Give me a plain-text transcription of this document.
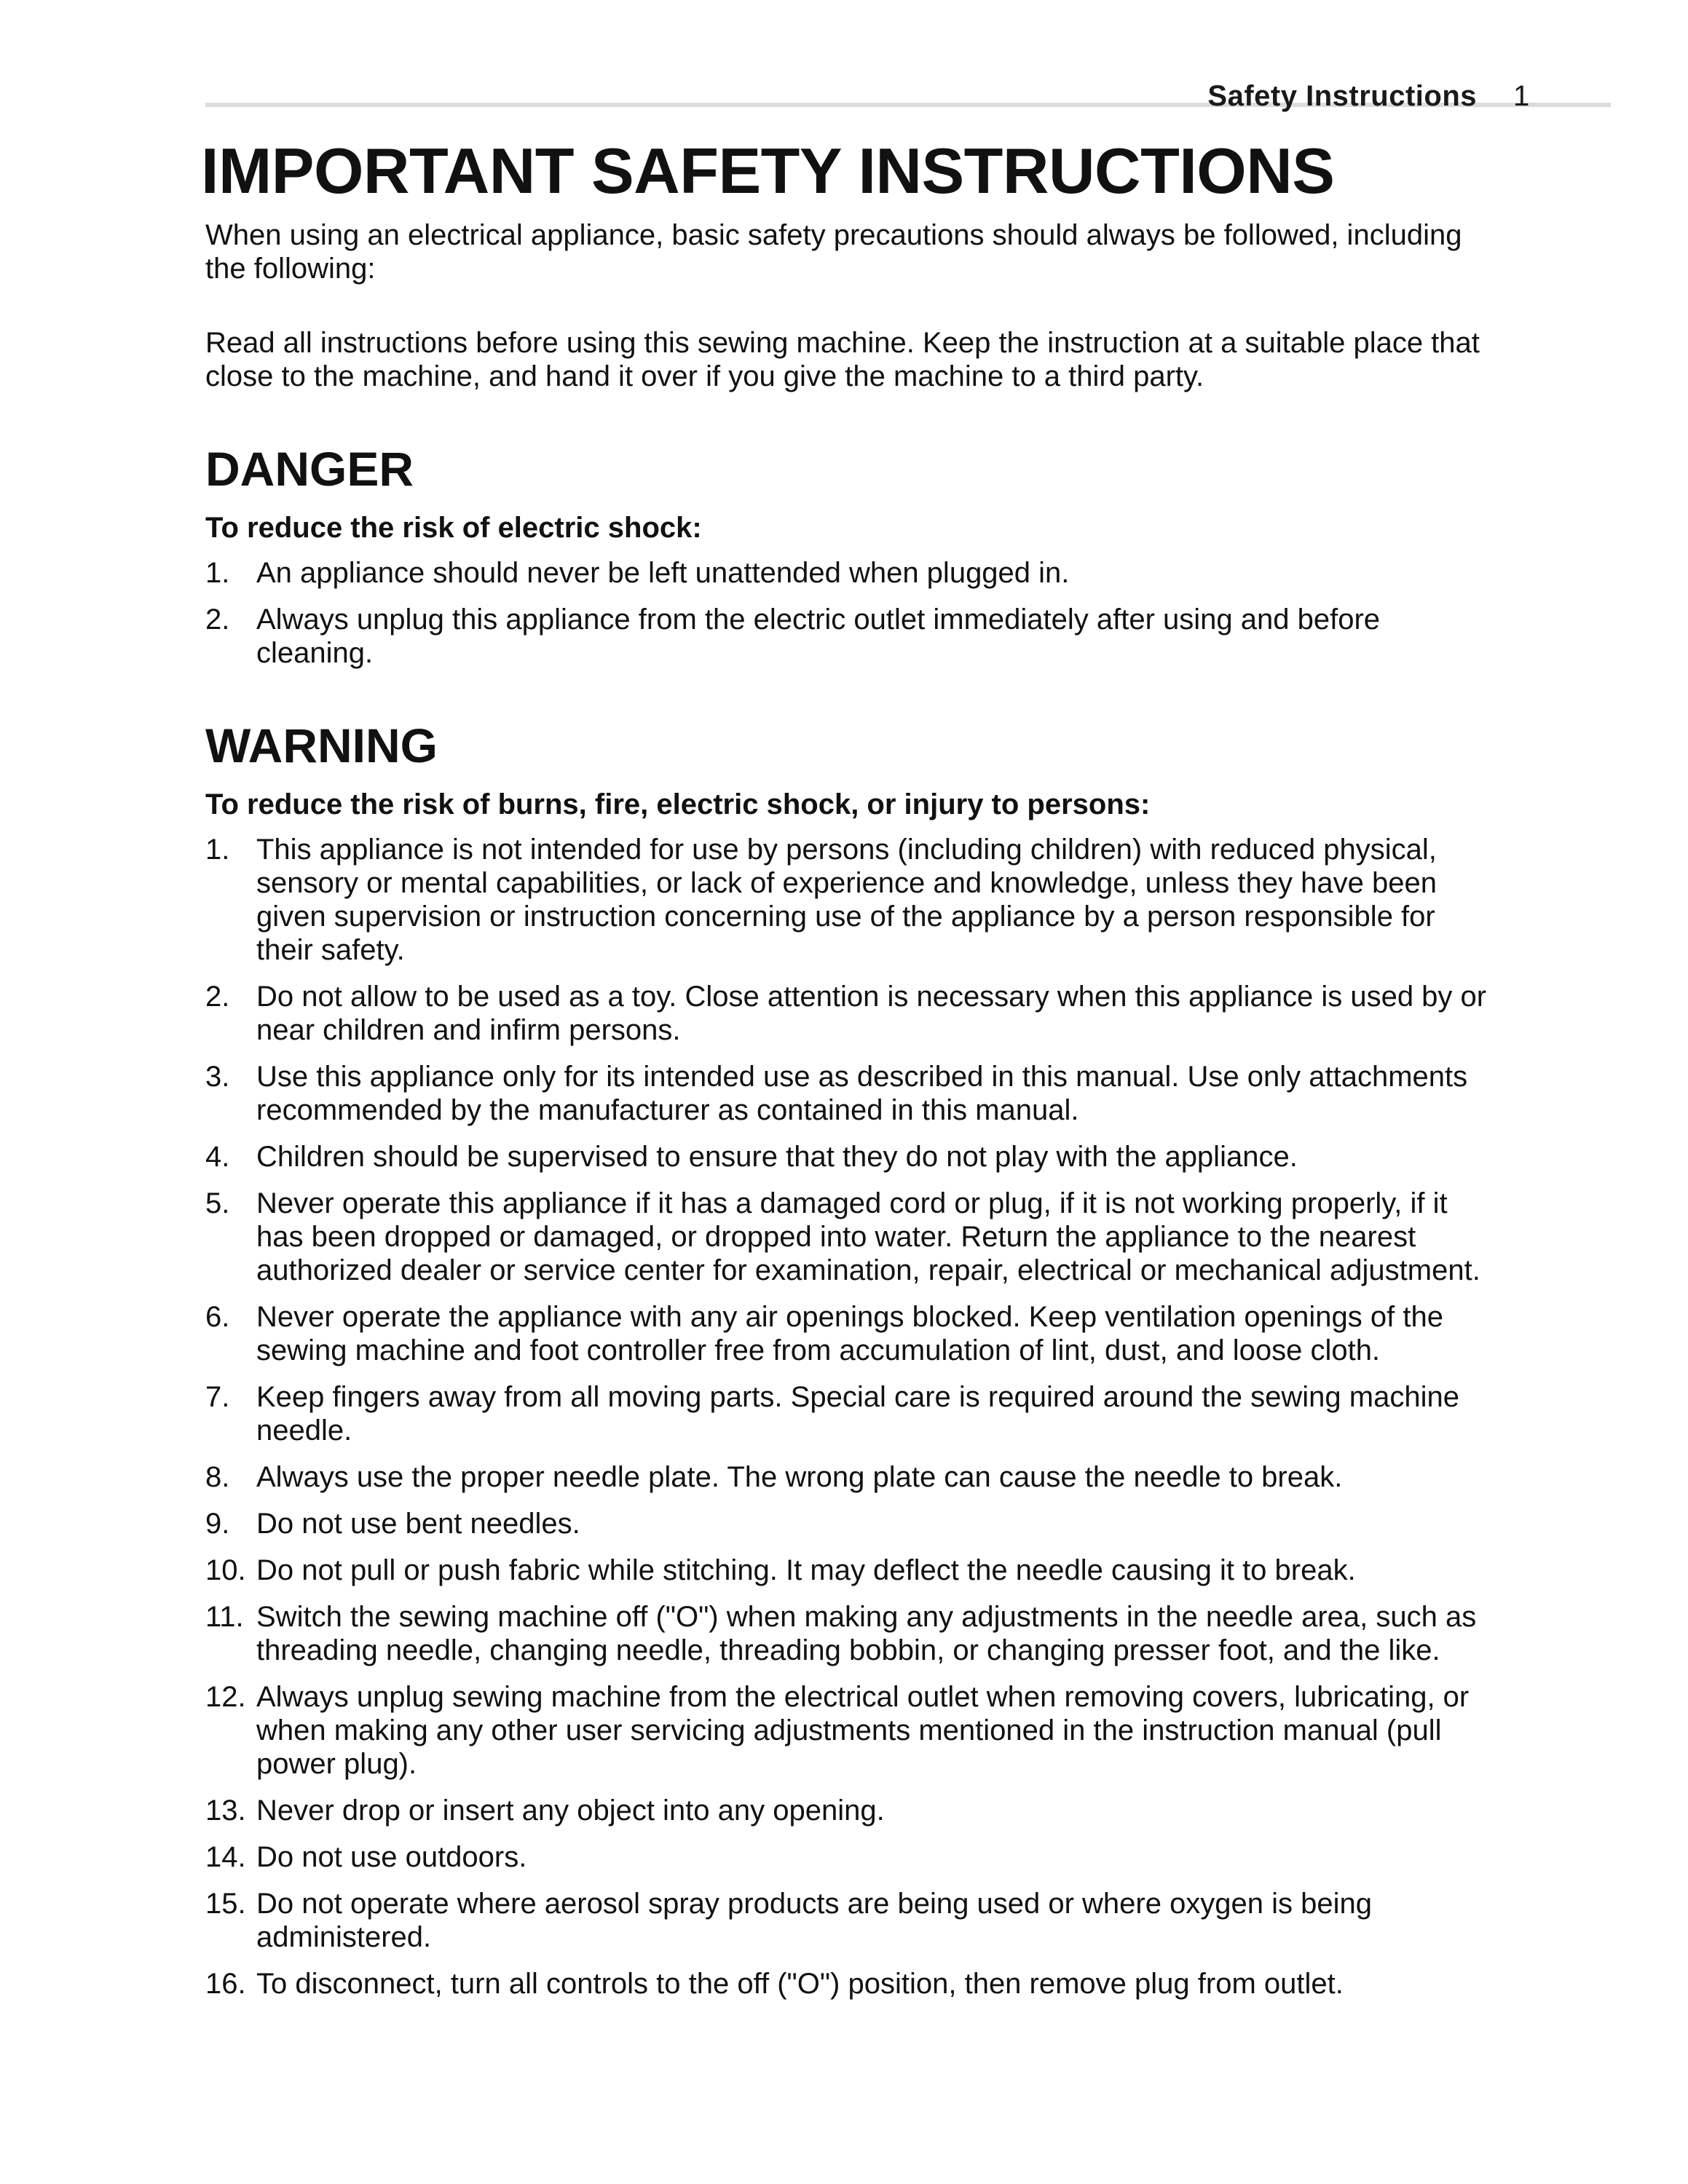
Safety Instructions 1
IMPORTANT SAFETY INSTRUCTIONS

When using an electrical appliance, basic safety precautions should always be followed, including the following:

Read all instructions before using this sewing machine. Keep the instruction at a suitable place that close to the machine, and hand it over if you give the machine to a third party.

DANGER
To reduce the risk of electric shock:
1. An appliance should never be left unattended when plugged in.
2. Always unplug this appliance from the electric outlet immediately after using and before cleaning.
WARNING
To reduce the risk of burns, fire, electric shock, or injury to persons:
1. This appliance is not intended for use by persons (including children) with reduced physical, sensory or mental capabilities, or lack of experience and knowledge, unless they have been given supervision or instruction concerning use of the appliance by a person responsible for their safety.
2. Do not allow to be used as a toy. Close attention is necessary when this appliance is used by or near children and infirm persons.
3. Use this appliance only for its intended use as described in this manual. Use only attachments recommended by the manufacturer as contained in this manual.
4. Children should be supervised to ensure that they do not play with the appliance.
5. Never operate this appliance if it has a damaged cord or plug, if it is not working properly, if it has been dropped or damaged, or dropped into water. Return the appliance to the nearest authorized dealer or service center for examination, repair, electrical or mechanical adjustment.
6. Never operate the appliance with any air openings blocked. Keep ventilation openings of the sewing machine and foot controller free from accumulation of lint, dust, and loose cloth.
7. Keep fingers away from all moving parts. Special care is required around the sewing machine needle.
8. Always use the proper needle plate. The wrong plate can cause the needle to break.
9. Do not use bent needles.
10. Do not pull or push fabric while stitching. It may deflect the needle causing it to break.
11. Switch the sewing machine off ("O") when making any adjustments in the needle area, such as threading needle, changing needle, threading bobbin, or changing presser foot, and the like.
12. Always unplug sewing machine from the electrical outlet when removing covers, lubricating, or when making any other user servicing adjustments mentioned in the instruction manual (pull power plug).
13. Never drop or insert any object into any opening.
14. Do not use outdoors.
15. Do not operate where aerosol spray products are being used or where oxygen is being administered.
16. To disconnect, turn all controls to the off ("O") position, then remove plug from outlet.
